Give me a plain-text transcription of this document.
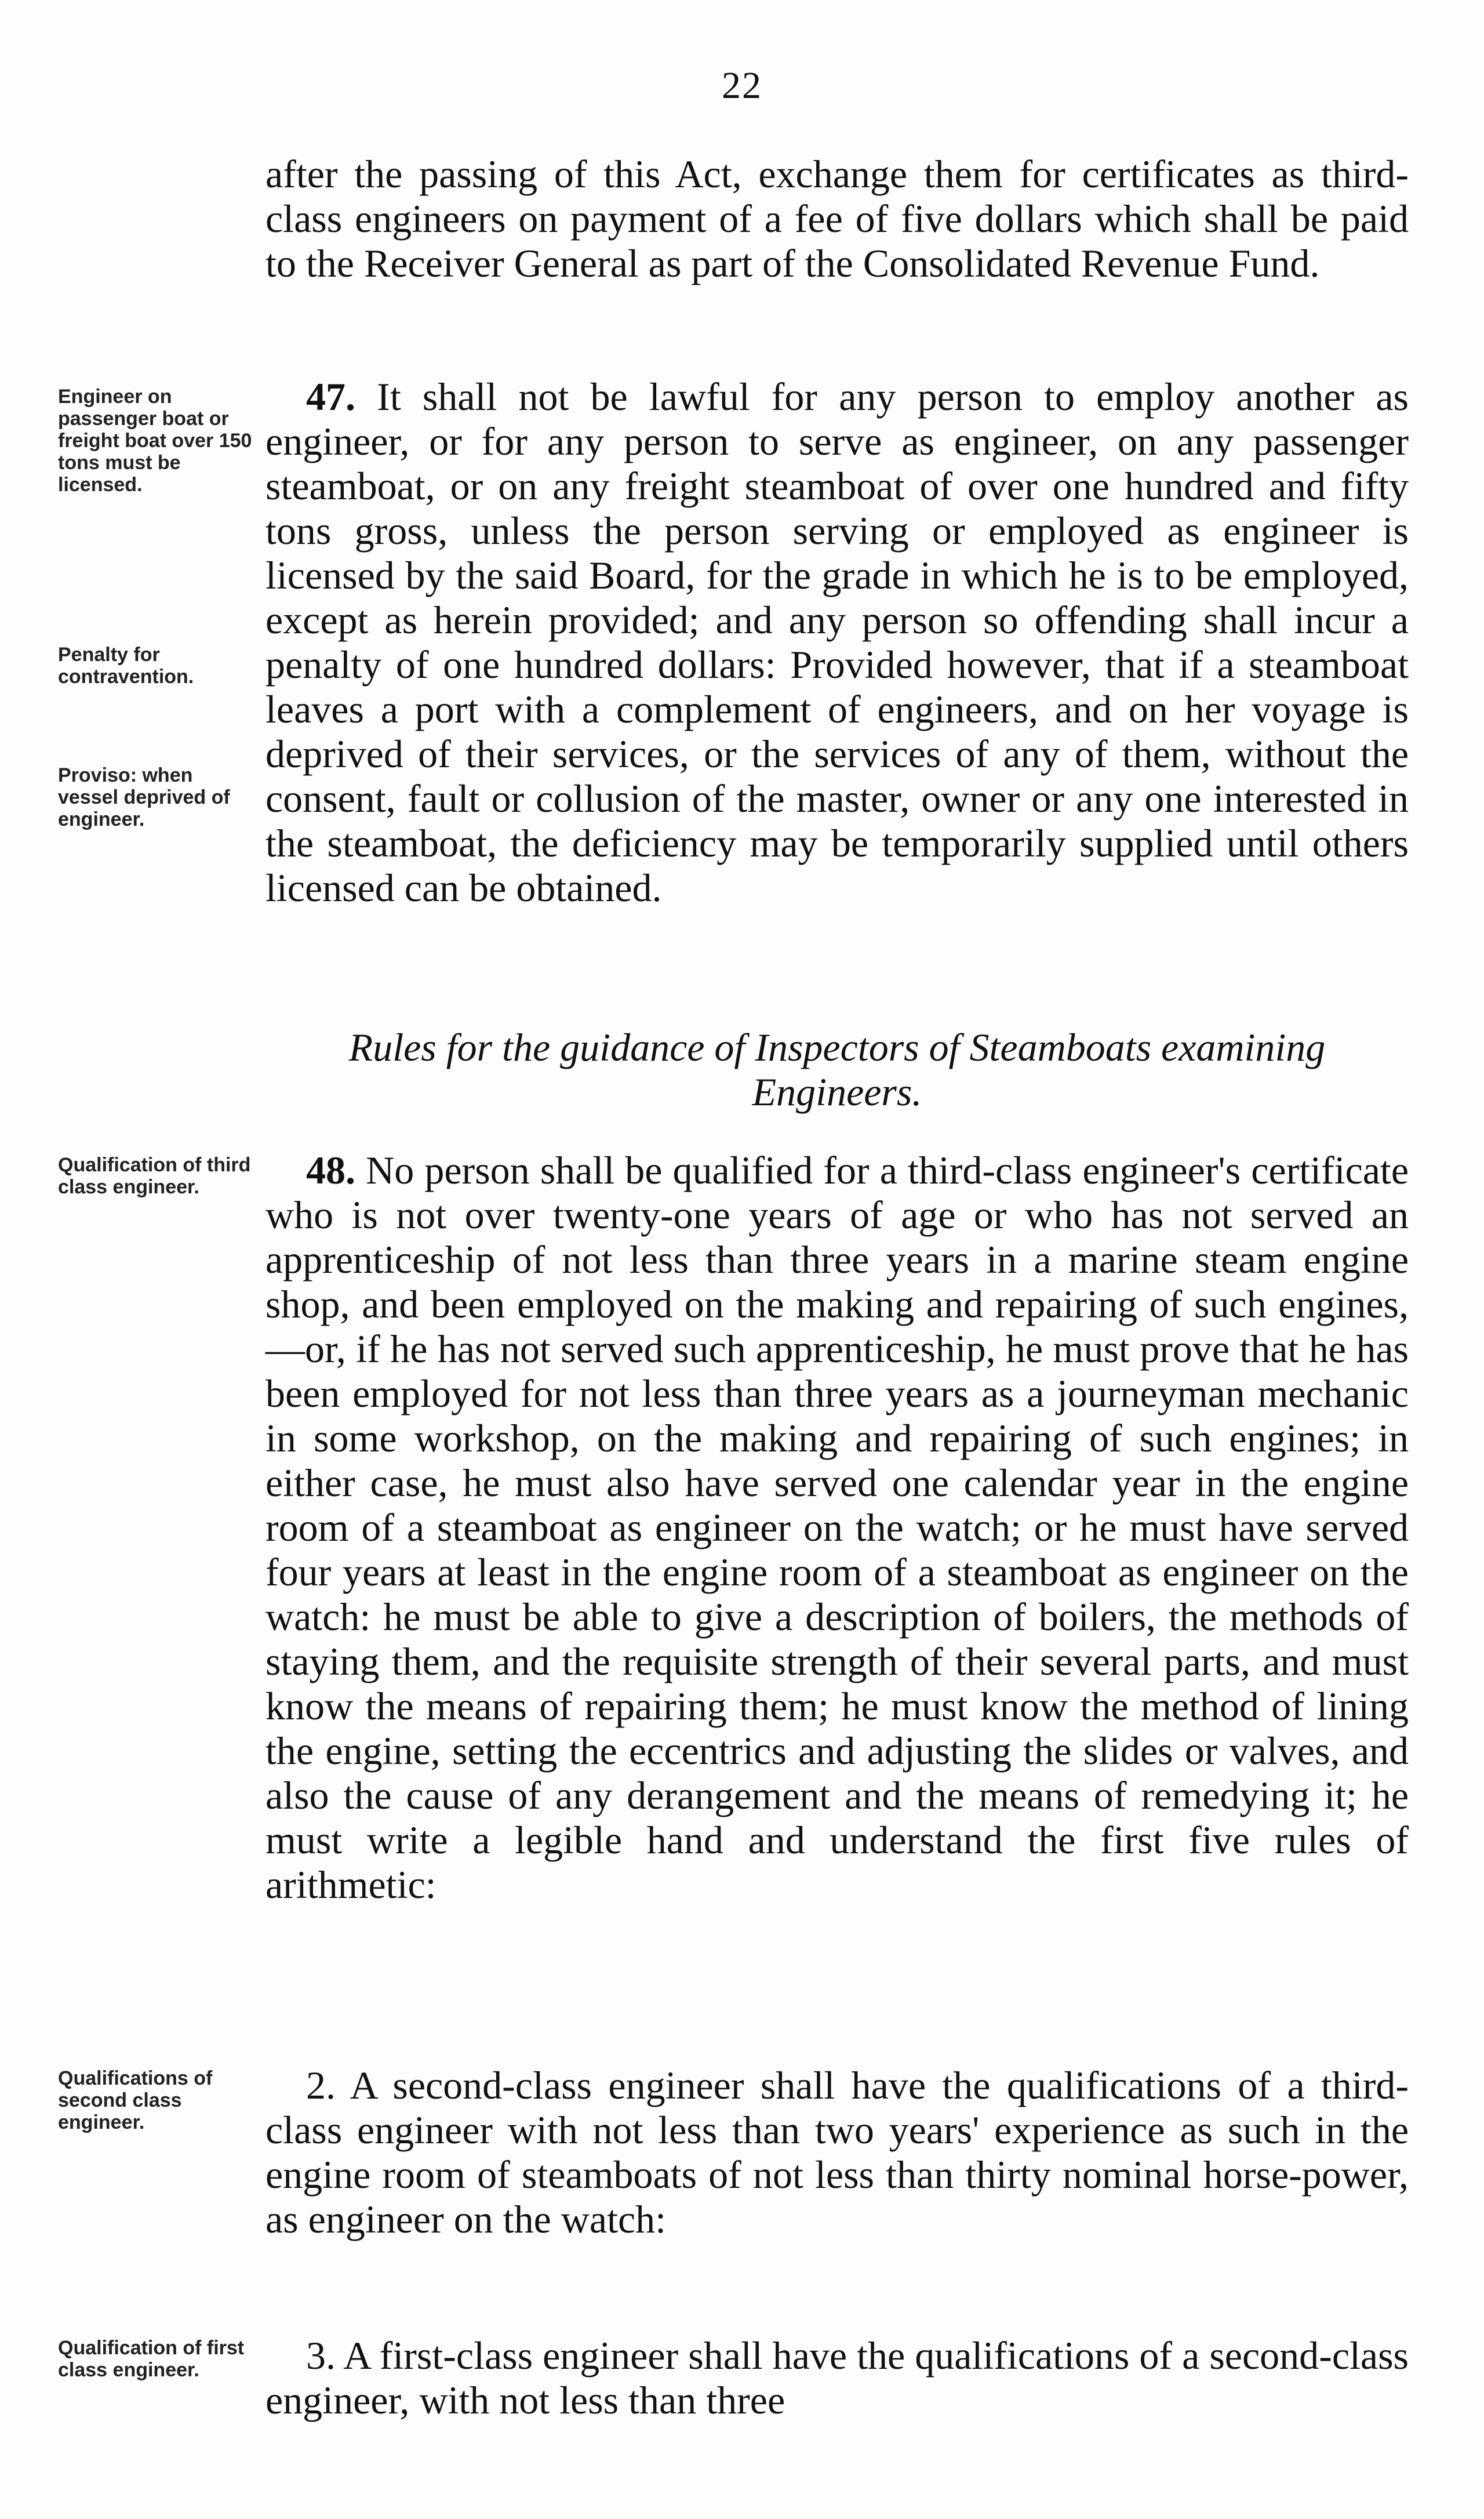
22

after the passing of this Act, exchange them for certificates as third-class engineers on payment of a fee of five dollars which shall be paid to the Receiver General as part of the Consolidated Revenue Fund.

47. It shall not be lawful for any person to employ another as engineer, or for any person to serve as engineer, on any passenger steamboat, or on any freight steamboat of over one hundred and fifty tons gross, unless the person serving or employed as engineer is licensed by the said Board, for the grade in which he is to be employed, except as herein provided; and any person so offending shall incur a penalty of one hundred dollars: Provided however, that if a steamboat leaves a port with a complement of engineers, and on her voyage is deprived of their services, or the services of any of them, without the consent, fault or collusion of the master, owner or any one interested in the steamboat, the deficiency may be temporarily supplied until others licensed can be obtained.

Rules for the guidance of Inspectors of Steamboats examining Engineers.

48. No person shall be qualified for a third-class engineer's certificate who is not over twenty-one years of age or who has not served an apprenticeship of not less than three years in a marine steam engine shop, and been employed on the making and repairing of such engines,—or, if he has not served such apprenticeship, he must prove that he has been employed for not less than three years as a journeyman mechanic in some workshop, on the making and repairing of such engines; in either case, he must also have served one calendar year in the engine room of a steamboat as engineer on the watch; or he must have served four years at least in the engine room of a steamboat as engineer on the watch: he must be able to give a description of boilers, the methods of staying them, and the requisite strength of their several parts, and must know the means of repairing them; he must know the method of lining the engine, setting the eccentrics and adjusting the slides or valves, and also the cause of any derangement and the means of remedying it; he must write a legible hand and understand the first five rules of arithmetic:

2. A second-class engineer shall have the qualifications of a third-class engineer with not less than two years' experience as such in the engine room of steamboats of not less than thirty nominal horse-power, as engineer on the watch:

3. A first-class engineer shall have the qualifications of a second-class engineer, with not less than three

Engineer on passenger boat or freight boat over 150 tons must be licensed.
Penalty for contravention.
Proviso: when vessel deprived of engineer.
Qualification of third class engineer.
Qualifications of second class engineer.
Qualification of first class engineer.
